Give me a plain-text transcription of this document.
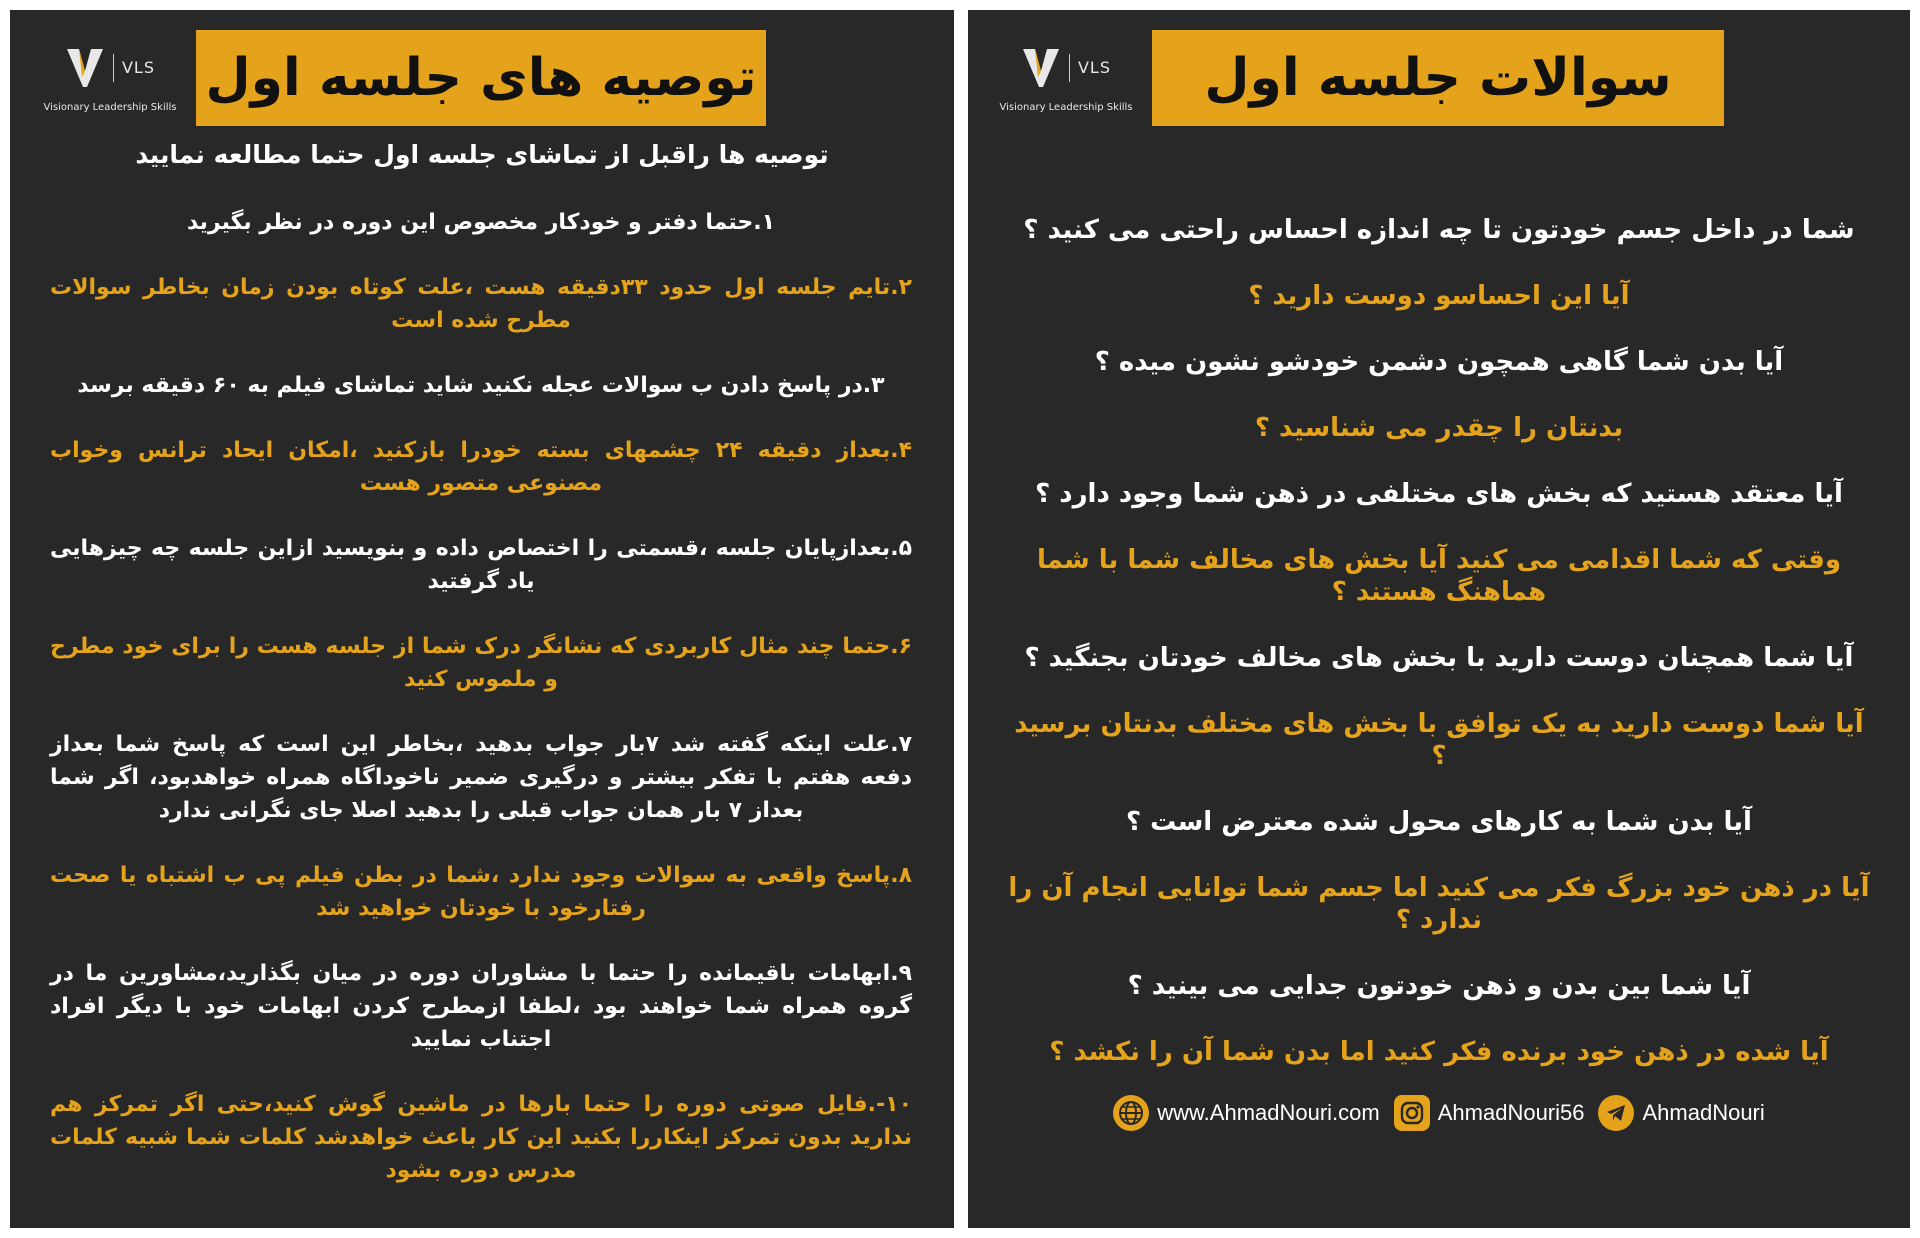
VLS
Visionary Leadership Skills توصیه های جلسه اول
توصیه ها راقبل از تماشای جلسه اول حتما مطالعه نمایید

۱.حتما دفتر و خودکار مخصوص این دوره در نظر بگیرید

۲.تایم جلسه اول حدود ۳۳دقیقه هست ،علت کوتاه بودن زمان بخاطر سوالات مطرح شده است

۳.در پاسخ دادن ب سوالات عجله نکنید شاید تماشای فیلم به ۶۰ دقیقه برسد

۴.بعداز دقیقه ۲۴ چشمهای بسته خودرا بازکنید ،امکان ایحاد ترانس وخواب مصنوعی متصور هست

۵.بعدازپایان جلسه ،قسمتی را اختصاص داده و بنویسید ازاین جلسه چه چیزهایی یاد گرفتید

۶.حتما چند مثال کاربردی که نشانگر درک شما از جلسه هست را برای خود مطرح و ملموس کنید

۷.علت اینکه گفته شد ۷بار جواب بدهید ،بخاطر این است که پاسخ شما بعداز دفعه هفتم با تفکر بیشتر و درگیری ضمیر ناخوداگاه همراه خواهدبود، اگر شما بعداز ۷ بار همان جواب قبلی را بدهید اصلا جای نگرانی ندارد

۸.پاسخ واقعی به سوالات وجود ندارد ،شما در بطن فیلم پی ب اشتباه یا صحت رفتارخود با خودتان خواهید شد

۹.ابهامات باقیمانده را حتما با مشاوران دوره در میان بگذارید،مشاورین ما در گروه همراه شما خواهند بود ،لطفا ازمطرح کردن ابهامات خود با دیگر افراد اجتناب نمایید

۱۰-.فایل صوتی دوره را حتما بارها در ماشین گوش کنید،حتی اگر تمرکز هم ندارید بدون تمرکز اینکاررا بکنید این کار باعث خواهدشد کلمات شما شبیه کلمات مدرس دوره بشود

VLS
Visionary Leadership Skills سوالات جلسه اول

شما در داخل جسم خودتون تا چه اندازه احساس راحتی می کنید ؟

آیا این احساسو دوست دارید ؟

آیا بدن شما گاهی همچون دشمن خودشو نشون میده ؟

بدنتان را چقدر می شناسید ؟

آیا معتقد هستید که بخش های مختلفی در ذهن شما وجود دارد ؟

وقتی که شما اقدامی می کنید آیا بخش های مخالف شما با شما هماهنگ هستند ؟

آیا شما همچنان دوست دارید با بخش های مخالف خودتان بجنگید ؟

آیا شما دوست دارید به یک توافق با بخش های مختلف بدنتان برسید ؟

آیا بدن شما به کارهای محول شده معترض است ؟

آیا در ذهن خود بزرگ فکر می کنید اما جسم شما توانایی انجام آن را ندارد ؟

آیا شما بین بدن و ذهن خودتون جدایی می بینید ؟

آیا شده در ذهن خود برنده فکر کنید اما بدن شما آن را نکشد ؟

www.AhmadNouri.com	AhmadNouri56	AhmadNouri
